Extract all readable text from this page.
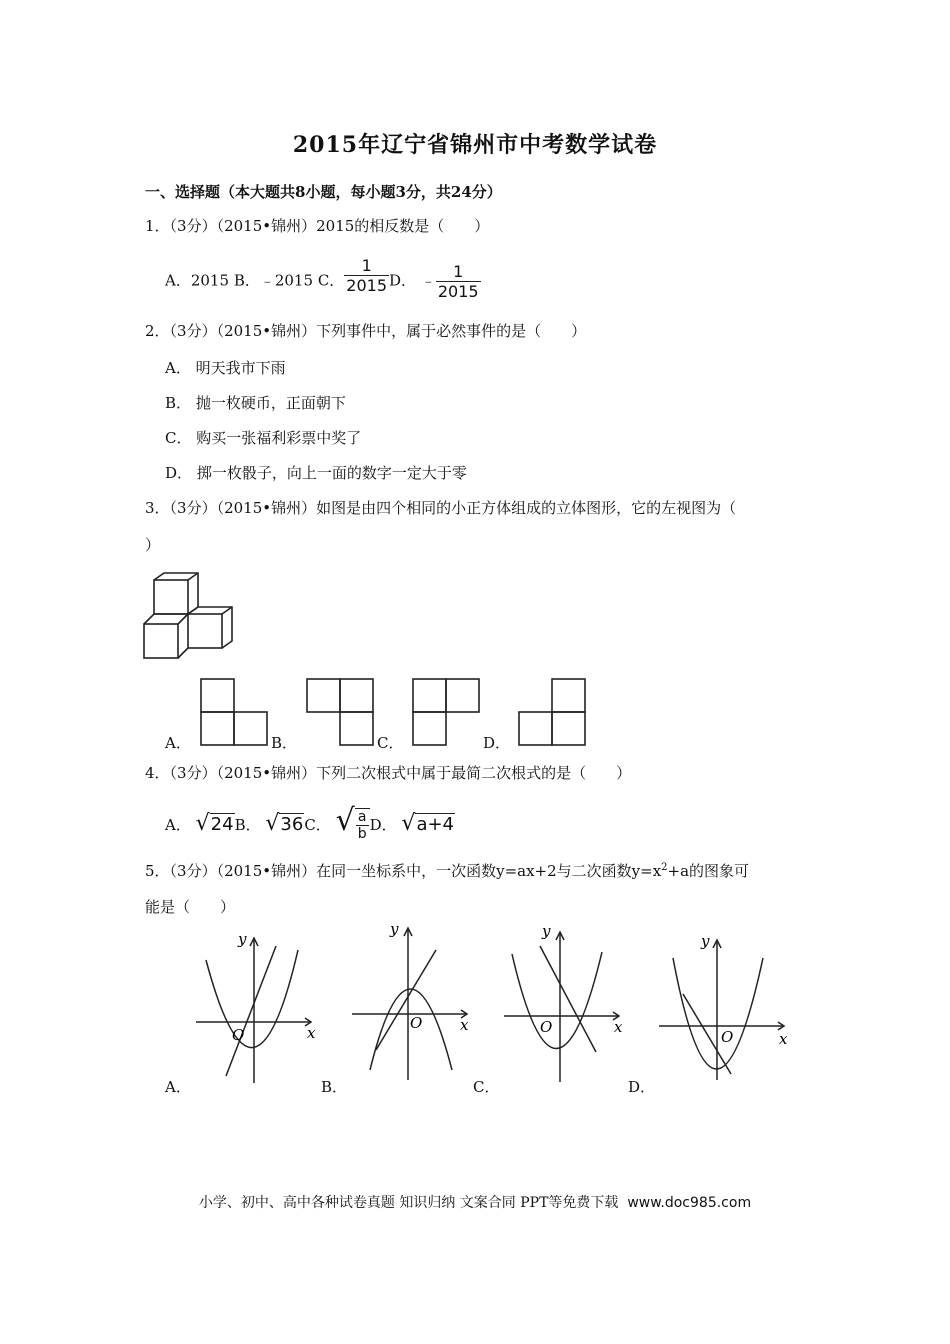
2015年辽宁省锦州市中考数学试卷
一、选择题（本大题共8小题，每小题3分，共24分）
1．（3分）（2015•锦州）2015的相反数是（　　）
A．2015 B．﹣2015 C． $\frac{1}{2015}$ D． ﹣ $\frac{1}{2015}$
2．（3分）（2015•锦州）下列事件中，属于必然事件的是（　　）
A． 明天我市下雨
B． 抛一枚硬币，正面朝下
C． 购买一张福利彩票中奖了
D． 掷一枚骰子，向上一面的数字一定大于零
3．（3分）（2015•锦州）如图是由四个相同的小正方体组成的立体图形，它的左视图为（
）
A．	B．	C．	D．
4．（3分）（2015•锦州）下列二次根式中属于最简二次根式的是（　　）
A． √24B． √36C． √ $\frac{a}{b}$ D． √a+4
5．（3分）（2015•锦州）在同一坐标系中，一次函数y=ax+2与二次函数$y=x^2+a$的图象可
能是（　　）
O	x
y
A．
O	x
y
B．
O	x
y
C．
O	x
y
D．
小学、初中、高中各种试卷真题 知识归纳 文案合同 PPT等免费下载 www.doc985.com
